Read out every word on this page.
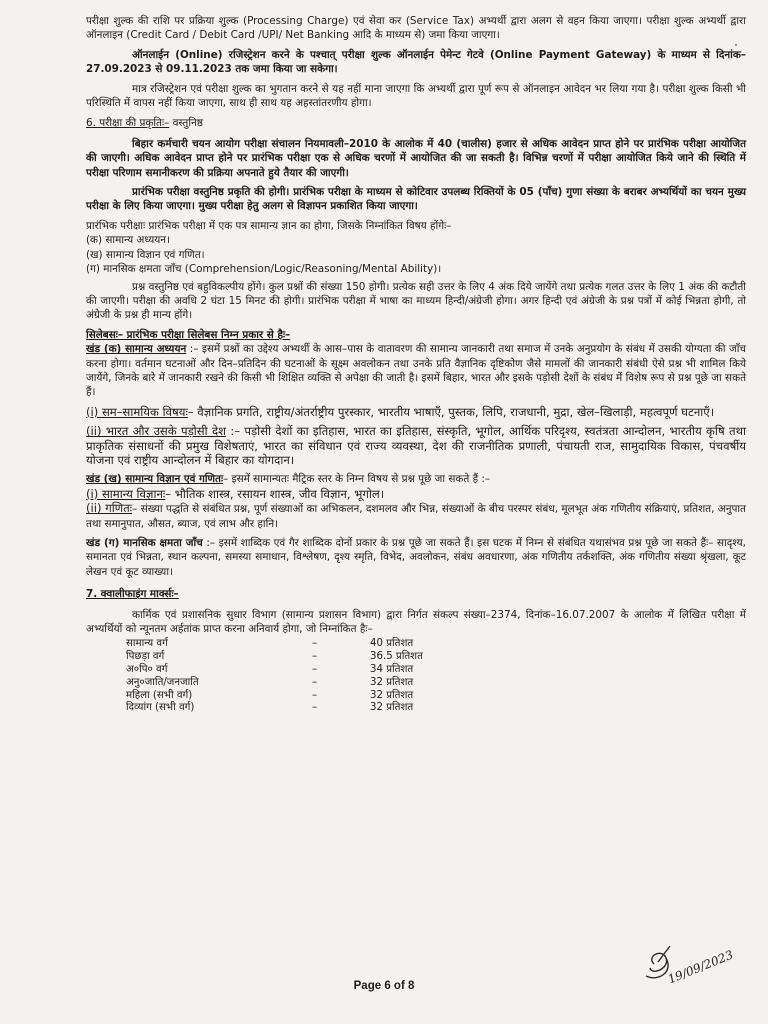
परीक्षा शुल्क की राशि पर प्रक्रिया शुल्क (Processing Charge) एवं सेवा कर (Service Tax) अभ्यर्थी द्वारा अलग से वहन किया जाएगा। परीक्षा शुल्क अभ्यर्थी द्वारा ऑनलाइन (Credit Card / Debit Card /UPI/ Net Banking आदि के माध्यम से) जमा किया जाएगा।

ऑनलाईन (Online) रजिस्ट्रेशन करने के पश्चात् परीक्षा शुल्क ऑनलाईन पेमेन्ट गेटवे (Online Payment Gateway) के माध्यम से दिनांक–27.09.2023 से 09.11.2023 तक जमा किया जा सकेगा।

मात्र रजिस्ट्रेशन एवं परीक्षा शुल्क का भुगतान करने से यह नहीं माना जाएगा कि अभ्यर्थी द्वारा पूर्ण रूप से ऑनलाइन आवेदन भर लिया गया है। परीक्षा शुल्क किसी भी परिस्थिति में वापस नहीं किया जाएगा, साथ ही साथ यह अहस्तांतरणीय होगा।

6. परीक्षा की प्रकृतिः– वस्तुनिष्ठ

बिहार कर्मचारी चयन आयोग परीक्षा संचालन नियमावली–2010 के आलोक में 40 (चालीस) हजार से अधिक आवेदन प्राप्त होने पर प्रारंभिक परीक्षा आयोजित की जाएगी। अधिक आवेदन प्राप्त होने पर प्रारंभिक परीक्षा एक से अधिक चरणों में आयोजित की जा सकती है। विभिन्न चरणों में परीक्षा आयोजित किये जाने की स्थिति में परीक्षा परिणाम समानीकरण की प्रक्रिया अपनाते हुये तैयार की जाएगी।

प्रारंभिक परीक्षा वस्तुनिष्ठ प्रकृति की होगी। प्रारंभिक परीक्षा के माध्यम से कोटिवार उपलब्ध रिक्तियों के 05 (पाँच) गुणा संख्या के बराबर अभ्यर्थियों का चयन मुख्य परीक्षा के लिए किया जाएगा। मुख्य परीक्षा हेतु अलग से विज्ञापन प्रकाशित किया जाएगा।

प्रारंभिक परीक्षाः प्रारंभिक परीक्षा में एक पत्र सामान्य ज्ञान का होगा, जिसके निम्नांकित विषय होंगेः–

(क) सामान्य अध्ययन।

(ख) सामान्य विज्ञान एवं गणित।

(ग) मानसिक क्षमता जाँच (Comprehension/Logic/Reasoning/Mental Ability)।

प्रश्न वस्तुनिष्ठ एवं बहुविकल्पीय होंगे। कुल प्रश्नों की संख्या 150 होगी। प्रत्येक सही उत्तर के लिए 4 अंक दिये जायेंगे तथा प्रत्येक गलत उत्तर के लिए 1 अंक की कटौती की जाएगी। परीक्षा की अवधि 2 घंटा 15 मिनट की होगी। प्रारंभिक परीक्षा में भाषा का माध्यम हिन्दी/अंग्रेजी होगा। अगर हिन्दी एवं अंग्रेजी के प्रश्न पत्रों में कोई भिन्नता होगी, तो अंग्रेजी के प्रश्न ही मान्य होंगे।

सिलेबसः– प्रारंभिक परीक्षा सिलेबस निम्न प्रकार से हैः–

खंड (क) सामान्य अध्ययन :– इसमें प्रश्नों का उद्देश्य अभ्यर्थी के आस–पास के वातावरण की सामान्य जानकारी तथा समाज में उनके अनुप्रयोग के संबंध में उसकी योग्यता की जाँच करना होगा। वर्तमान घटनाओं और दिन–प्रतिदिन की घटनाओं के सूक्ष्म अवलोकन तथा उनके प्रति वैज्ञानिक दृष्टिकोण जैसे मामलों की जानकारी संबंधी ऐसे प्रश्न भी शामिल किये जायेंगे, जिनके बारे में जानकारी रखने की किसी भी शिक्षित व्यक्ति से अपेक्षा की जाती है। इसमें बिहार, भारत और इसके पड़ोसी देशों के संबंध में विशेष रूप से प्रश्न पूछे जा सकते हैं।

(i) सम–सामयिक विषयः– वैज्ञानिक प्रगति, राष्ट्रीय/अंतर्राष्ट्रीय पुरस्कार, भारतीय भाषाएँ, पुस्तक, लिपि, राजधानी, मुद्रा, खेल–खिलाड़ी, महत्वपूर्ण घटनाएँ।

(ii) भारत और उसके पड़ोसी देश :– पड़ोसी देशों का इतिहास, भारत का इतिहास, संस्कृति, भूगोल, आर्थिक परिदृश्य, स्वतंत्रता आन्दोलन, भारतीय कृषि तथा प्राकृतिक संसाधनों की प्रमुख विशेषताएं, भारत का संविधान एवं राज्य व्यवस्था, देश की राजनीतिक प्रणाली, पंचायती राज, सामुदायिक विकास, पंचवर्षीय योजना एवं राष्ट्रीय आन्दोलन में बिहार का योगदान।

खंड (ख) सामान्य विज्ञान एवं गणितः– इसमें सामान्यतः मैट्रिक स्तर के निम्न विषय से प्रश्न पूछे जा सकते हैं :–

(i) सामान्य विज्ञानः– भौतिक शास्त्र, रसायन शास्त्र, जीव विज्ञान, भूगोल।

(ii) गणितः– संख्या पद्धति से संबंधित प्रश्न, पूर्ण संख्याओं का अभिकलन, दशमलव और भिन्न, संख्याओं के बीच परस्पर संबंध, मूलभूत अंक गणितीय संक्रियाएं, प्रतिशत, अनुपात तथा समानुपात, औसत, ब्याज, एवं लाभ और हानि।

खंड (ग) मानसिक क्षमता जाँच :– इसमें शाब्दिक एवं गैर शाब्दिक दोनों प्रकार के प्रश्न पूछे जा सकते हैं। इस घटक में निम्न से संबंधित यथासंभव प्रश्न पूछे जा सकते हैंः– सादृश्य, समानता एवं भिन्नता, स्थान कल्पना, समस्या समाधान, विश्लेषण, दृश्य स्मृति, विभेद, अवलोकन, संबंध अवधारणा, अंक गणितीय तर्कशक्ति, अंक गणितीय संख्या श्रृंखला, कूट लेखन एवं कूट व्याख्या।

7. क्वालीफाइंग मार्क्सः–

कार्मिक एवं प्रशासनिक सुधार विभाग (सामान्य प्रशासन विभाग) द्वारा निर्गत संकल्प संख्या–2374, दिनांक–16.07.2007 के आलोक में लिखित परीक्षा में अभ्यर्थियों को न्यूनतम अर्हतांक प्राप्त करना अनिवार्य होगा, जो निम्नांकित हैः–

सामान्य वर्ग	–	40 प्रतिशत
पिछड़ा वर्ग	–	36.5 प्रतिशत
अ०पि० वर्ग	–	34 प्रतिशत
अनु०जाति/जनजाति	–	32 प्रतिशत
महिला (सभी वर्ग)	–	32 प्रतिशत
दिव्यांग (सभी वर्ग)	–	32 प्रतिशत
19/09/2023
Page 6 of 8
